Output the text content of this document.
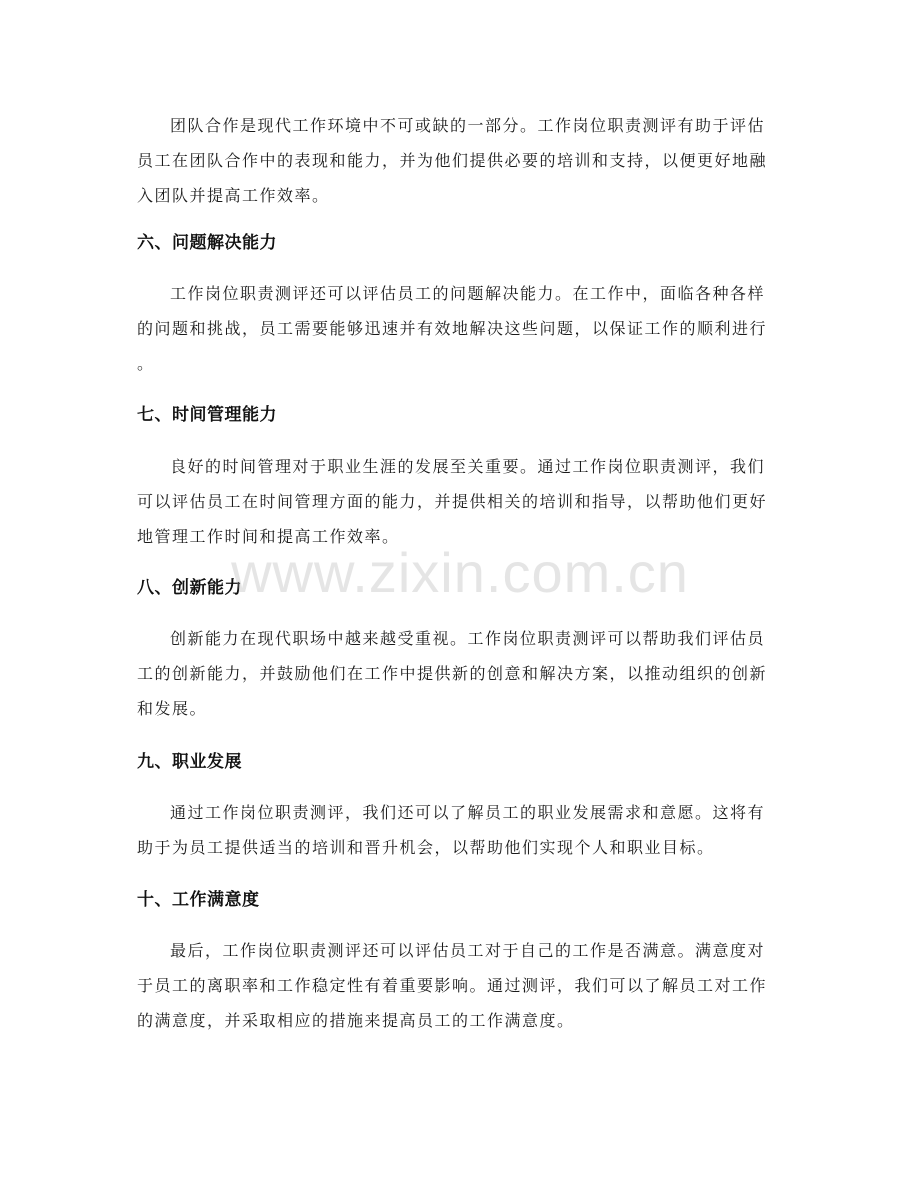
www.zixin.com.cn

团队合作是现代工作环境中不可或缺的一部分。工作岗位职责测评有助于评估
员工在团队合作中的表现和能力，并为他们提供必要的培训和支持，以便更好地融
入团队并提高工作效率。

六、问题解决能力

工作岗位职责测评还可以评估员工的问题解决能力。在工作中，面临各种各样
的问题和挑战，员工需要能够迅速并有效地解决这些问题，以保证工作的顺利进行
。

七、时间管理能力

良好的时间管理对于职业生涯的发展至关重要。通过工作岗位职责测评，我们
可以评估员工在时间管理方面的能力，并提供相关的培训和指导，以帮助他们更好
地管理工作时间和提高工作效率。

八、创新能力

创新能力在现代职场中越来越受重视。工作岗位职责测评可以帮助我们评估员
工的创新能力，并鼓励他们在工作中提供新的创意和解决方案，以推动组织的创新
和发展。

九、职业发展

通过工作岗位职责测评，我们还可以了解员工的职业发展需求和意愿。这将有
助于为员工提供适当的培训和晋升机会，以帮助他们实现个人和职业目标。

十、工作满意度

最后，工作岗位职责测评还可以评估员工对于自己的工作是否满意。满意度对
于员工的离职率和工作稳定性有着重要影响。通过测评，我们可以了解员工对工作
的满意度，并采取相应的措施来提高员工的工作满意度。
